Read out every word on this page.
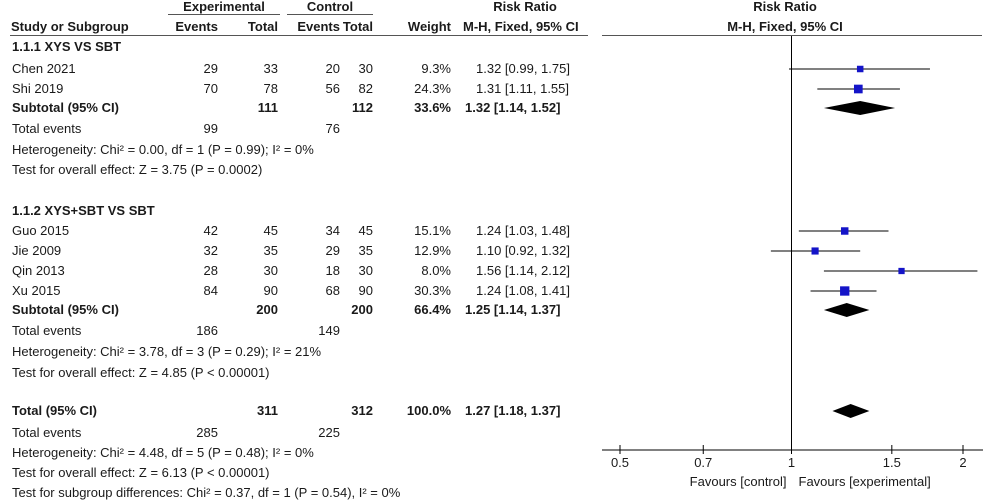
Experimental	Control	Risk Ratio	Risk Ratio
Study or Subgroup	Events	Total	Events Total	Weight M-H, Fixed, 95% CI	M-H, Fixed, 95% CI
1.1.1 XYS VS SBT
Chen 2021	29	33	20	30	9.3% 1.32 [0.99, 1.75]
Shi 2019	70	78	56	82	24.3% 1.31 [1.11, 1.55]
Subtotal (95% CI)	111	112	33.6% 1.32 [1.14, 1.52]
Total events	99	76
Heterogeneity: Chi² = 0.00, df = 1 (P = 0.99); I² = 0%
Test for overall effect: Z = 3.75 (P = 0.0002)
1.1.2 XYS+SBT VS SBT
Guo 2015	42	45	34	45	15.1% 1.24 [1.03, 1.48]
Jie 2009	32	35	29	35	12.9% 1.10 [0.92, 1.32]
Qin 2013	28	30	18	30	8.0% 1.56 [1.14, 2.12]
Xu 2015	84	90	68	90	30.3% 1.24 [1.08, 1.41]
Subtotal (95% CI)	200	200	66.4% 1.25 [1.14, 1.37]
Total events	186	149
Heterogeneity: Chi² = 3.78, df = 3 (P = 0.29); I² = 21%
Test for overall effect: Z = 4.85 (P < 0.00001)
Total (95% CI)	311	312	100.0% 1.27 [1.18, 1.37]
Total events	285	225
Heterogeneity: Chi² = 4.48, df = 5 (P = 0.48); I² = 0%
Test for overall effect: Z = 6.13 (P < 0.00001)
Test for subgroup differences: Chi² = 0.37, df = 1 (P = 0.54), I² = 0%
0.5	0.7	1	1.5	2
Favours [control] Favours [experimental]
